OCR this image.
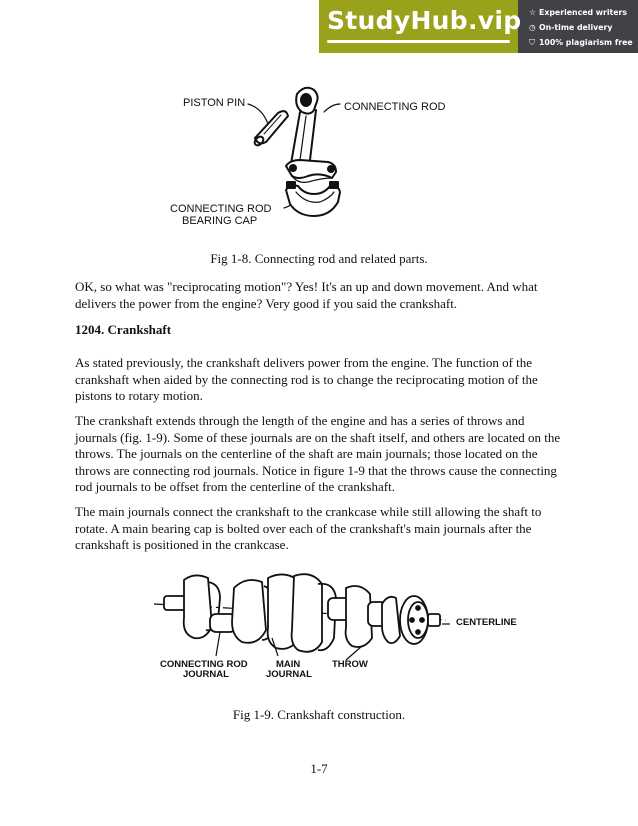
StudyHub.vip ☆ Experienced writers
◷ On-time delivery
⛉ 100% plagiarism free
PISTON PIN	CONNECTING ROD
CONNECTING ROD
BEARING CAP
Fig 1-8. Connecting rod and related parts.

OK, so what was "reciprocating motion"? Yes! It's an up and down movement. And what delivers the power from the engine? Very good if you said the crankshaft.

1204. Crankshaft

As stated previously, the crankshaft delivers power from the engine. The function of the crankshaft when aided by the connecting rod is to change the reciprocating motion of the pistons to rotary motion.

The crankshaft extends through the length of the engine and has a series of throws and journals (fig. 1-9). Some of these journals are on the shaft itself, and others are located on the throws. The journals on the centerline of the shaft are main journals; those located on the throws are connecting rod journals. Notice in figure 1-9 that the throws cause the connecting rod journals to be offset from the centerline of the crankshaft.

The main journals connect the crankshaft to the crankcase while still allowing the shaft to rotate. A main bearing cap is bolted over each of the crankshaft's main journals after the crankshaft is positioned in the crankcase.

CENTERLINE
CONNECTING ROD
JOURNAL
MAIN
JOURNAL
THROW
Fig 1-9. Crankshaft construction.
1-7
